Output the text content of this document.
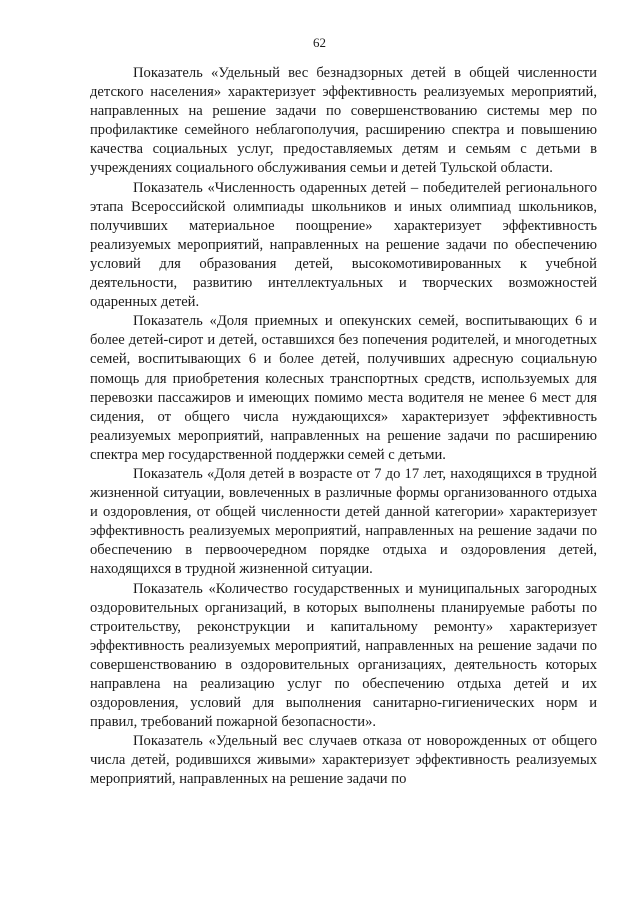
62

Показатель «Удельный вес безнадзорных детей в общей численности детского населения» характеризует эффективность реализуемых мероприятий, направленных на решение задачи по совершенствованию системы мер по профилактике семейного неблагополучия, расширению спектра и повышению качества социальных услуг, предоставляемых детям и семьям с детьми в учреждениях социального обслуживания семьи и детей Тульской области.

Показатель «Численность одаренных детей – победителей регионального этапа Всероссийской олимпиады школьников и иных олимпиад школьников, получивших материальное поощрение» характеризует эффективность реализуемых мероприятий, направленных на решение задачи по обеспечению условий для образования детей, высокомотивированных к учебной деятельности, развитию интеллектуальных и творческих возможностей одаренных детей.

Показатель «Доля приемных и опекунских семей, воспитывающих 6 и более детей-сирот и детей, оставшихся без попечения родителей, и многодетных семей, воспитывающих 6 и более детей, получивших адресную социальную помощь для приобретения колесных транспортных средств, используемых для перевозки пассажиров и имеющих помимо места водителя не менее 6 мест для сидения, от общего числа нуждающихся» характеризует эффективность реализуемых мероприятий, направленных на решение задачи по расширению спектра мер государственной поддержки семей с детьми.

Показатель «Доля детей в возрасте от 7 до 17 лет, находящихся в трудной жизненной ситуации, вовлеченных в различные формы организованного отдыха и оздоровления, от общей численности детей данной категории» характеризует эффективность реализуемых мероприятий, направленных на решение задачи по обеспечению в первоочередном порядке отдыха и оздоровления детей, находящихся в трудной жизненной ситуации.

Показатель «Количество государственных и муниципальных загородных оздоровительных организаций, в которых выполнены планируемые работы по строительству, реконструкции и капитальному ремонту» характеризует эффективность реализуемых мероприятий, направленных на решение задачи по совершенствованию в оздоровительных организациях, деятельность которых направлена на реализацию услуг по обеспечению отдыха детей и их оздоровления, условий для выполнения санитарно-гигиенических норм и правил, требований пожарной безопасности».

Показатель «Удельный вес случаев отказа от новорожденных от общего числа детей, родившихся живыми» характеризует эффективность реализуемых мероприятий, направленных на решение задачи по
